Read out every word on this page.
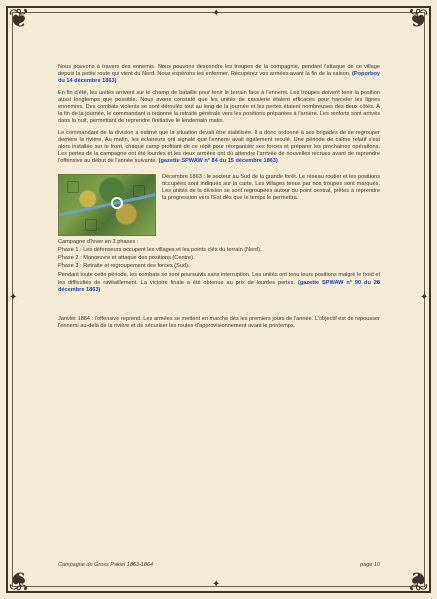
❦	❦
❦	❦
✦
✦
✦	✦

Nous pouvons à travers des ennemis. Nous pouvons descendre les troupes de la compagnie, pendant l'attaque de ce village depuis la petite route qui vient du Nord. Nous espérons les enfermer. Récupérez vos armées avant la fin de la saison. (Poporboy du 14 décembre 1863)

En fin d'été, les unités arrivent sur le champ de bataille pour tenir le terrain face à l'ennemi. Les troupes doivent tenir la position aussi longtemps que possible. Nous avons constaté que les unités de cavalerie étaient efficaces pour harceler les lignes ennemies. Des combats violents se sont déroulés tout au long de la journée et les pertes étaient nombreuses des deux côtés. À la fin de la journée, le commandant a ordonné la retraite générale vers les positions préparées à l'arrière. Les renforts sont arrivés dans la nuit, permettant de reprendre l'initiative le lendemain matin.

Le commandant de la division a estimé que la situation devait être stabilisée. Il a donc ordonné à ses brigades de se regrouper derrière la rivière. Au matin, les éclaireurs ont signalé que l'ennemi avait également reculé. Une période de calme relatif s'est alors installée sur le front, chaque camp profitant de ce répit pour réorganiser ses forces et préparer les prochaines opérations. Les pertes de la campagne ont été lourdes et les deux armées ont dû attendre l'arrivée de nouvelles recrues avant de reprendre l'offensive au début de l'année suivante. (gazette SPWAW n° 84 du 15 décembre 1863)

Décembre 1863 : le secteur au Sud de la grande forêt. Le réseau routier et les positions occupées sont indiqués sur la carte. Les villages tenus par nos troupes sont marqués. Les unités de la division se sont regroupées autour du point central, prêtes à reprendre la progression vers l'Est dès que le temps le permettra.

Campagne d'hiver en 3 phases :

Phase 1 : Les défenseurs occupent les villages et les points clés du terrain (Nord).

Phase 2 : Manœuvre et attaque des positions (Centre).

Phase 3 : Retraite et regroupement des forces (Sud).

Pendant toute cette période, les combats se sont poursuivis sans interruption. Les unités ont tenu leurs positions malgré le froid et les difficultés de ravitaillement. La victoire finale a été obtenue au prix de lourdes pertes. (gazette SPWAW n° 90 du 28 décembre 1863)

Janvier 1864 : l'offensive reprend. Les armées se mettent en marche dès les premiers jours de l'année. L'objectif est de repousser l'ennemi au-delà de la rivière et de sécuriser les routes d'approvisionnement avant le printemps.

Campagne de Gross Pakiel 1863-1864	page 10
